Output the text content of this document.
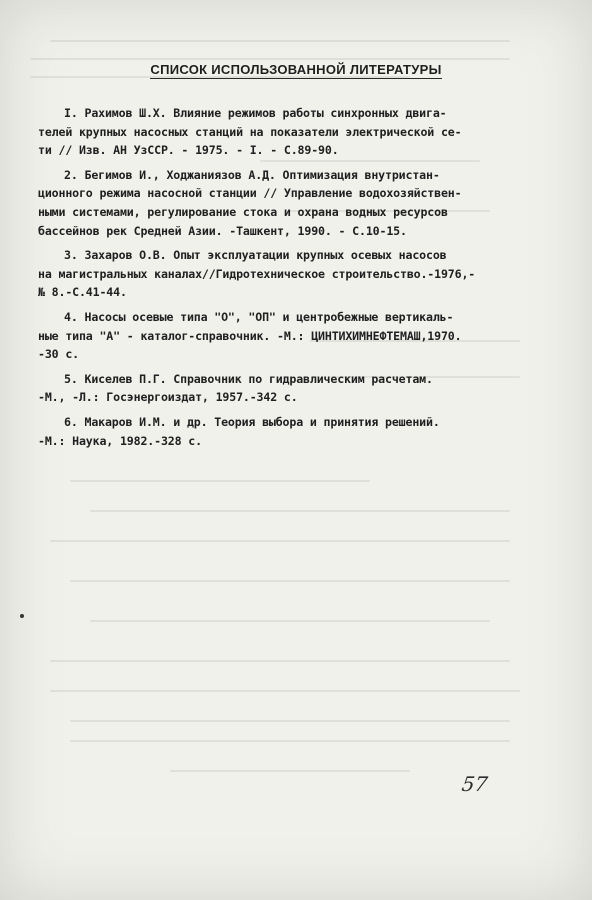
СПИСОК ИСПОЛЬЗОВАННОЙ ЛИТЕРАТУРЫ
I. Рахимов Ш.Х. Влияние режимов работы синхронных двига-
телей крупных насосных станций на показатели электрической се-
ти // Изв. АН УзССР. - 1975. - I. - С.89-90.
2. Бегимов И., Ходжаниязов А.Д. Оптимизация внутристан-
ционного режима насосной станции // Управление водохозяйствен-
ными системами, регулирование стока и охрана водных ресурсов
бассейнов рек Средней Азии. -Ташкент, 1990. - С.10-15.
3. Захаров О.В. Опыт эксплуатации крупных осевых насосов
на магистральных каналах//Гидротехническое строительство.-1976,-
№ 8.-С.41-44.
4. Насосы осевые типа "О", "ОП" и центробежные вертикаль-
ные типа "А" - каталог-справочник. -М.: ЦИНТИХИМНЕФТЕМАШ,1970.
-30 с.
5. Киселев П.Г. Справочник по гидравлическим расчетам.
-М., -Л.: Госэнергоиздат, 1957.-342 с.
6. Макаров И.М. и др. Теория выбора и принятия решений.
-М.: Наука, 1982.-328 с.
57
